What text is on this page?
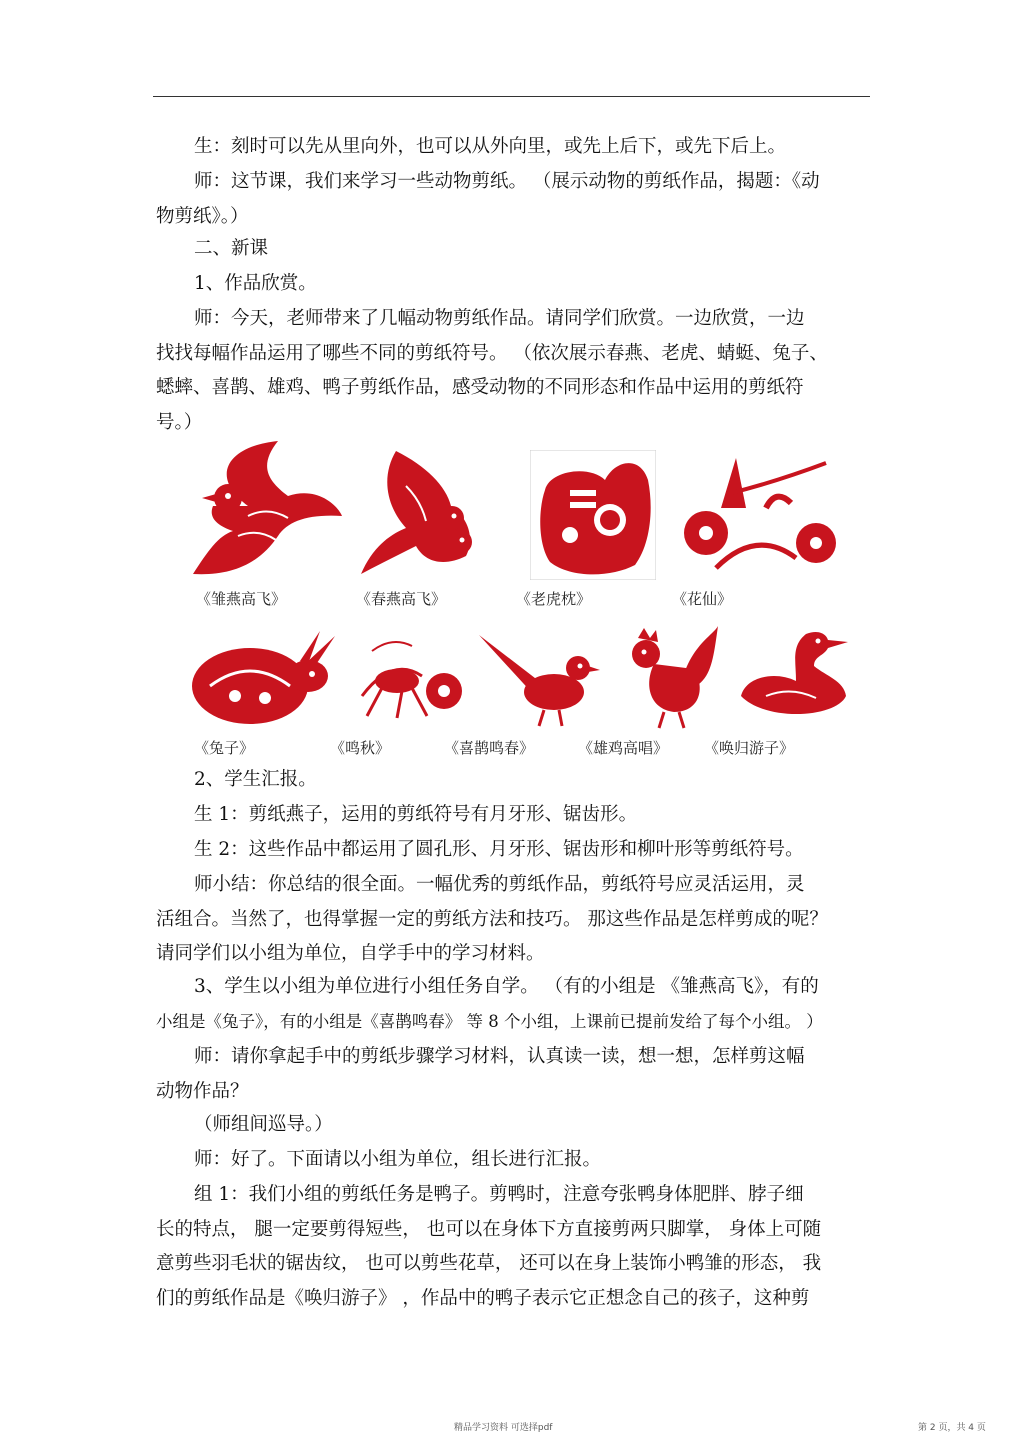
生：刻时可以先从里向外，也可以从外向里，或先上后下，或先下后上。

师：这节课，我们来学习一些动物剪纸。 （展示动物的剪纸作品，揭题：《动
物剪纸》。）

二、新课

1、作品欣赏。

师：今天，老师带来了几幅动物剪纸作品。请同学们欣赏。一边欣赏，一边
找找每幅作品运用了哪些不同的剪纸符号。 （依次展示春燕、老虎、蜻蜓、兔子、
蟋蟀、喜鹊、雄鸡、鸭子剪纸作品，感受动物的不同形态和作品中运用的剪纸符
号。）

《雏燕高飞》	《春燕高飞》	《老虎枕》	《花仙》
《兔子》	《鸣秋》	《喜鹊鸣春》	《雄鸡高唱》 《唤归游子》

2、学生汇报。

生 1：剪纸燕子，运用的剪纸符号有月牙形、锯齿形。

生 2：这些作品中都运用了圆孔形、月牙形、锯齿形和柳叶形等剪纸符号。

师小结：你总结的很全面。一幅优秀的剪纸作品，剪纸符号应灵活运用，灵
活组合。当然了，也得掌握一定的剪纸方法和技巧。 那这些作品是怎样剪成的呢？
请同学们以小组为单位，自学手中的学习材料。

3、学生以小组为单位进行小组任务自学。 （有的小组是 《雏燕高飞》，有的
小组是《兔子》，有的小组是《喜鹊鸣春》 等 8 个小组，上课前已提前发给了每个小组。 ）

师：请你拿起手中的剪纸步骤学习材料，认真读一读，想一想，怎样剪这幅
动物作品？

（师组间巡导。）

师：好了。下面请以小组为单位，组长进行汇报。

组 1：我们小组的剪纸任务是鸭子。剪鸭时，注意夸张鸭身体肥胖、脖子细
长的特点， 腿一定要剪得短些， 也可以在身体下方直接剪两只脚掌， 身体上可随
意剪些羽毛状的锯齿纹， 也可以剪些花草， 还可以在身上装饰小鸭雏的形态， 我
们的剪纸作品是《唤归游子》 ，作品中的鸭子表示它正想念自己的孩子，这种剪

精品学习资料 可选择pdf	第 2 页，共 4 页
